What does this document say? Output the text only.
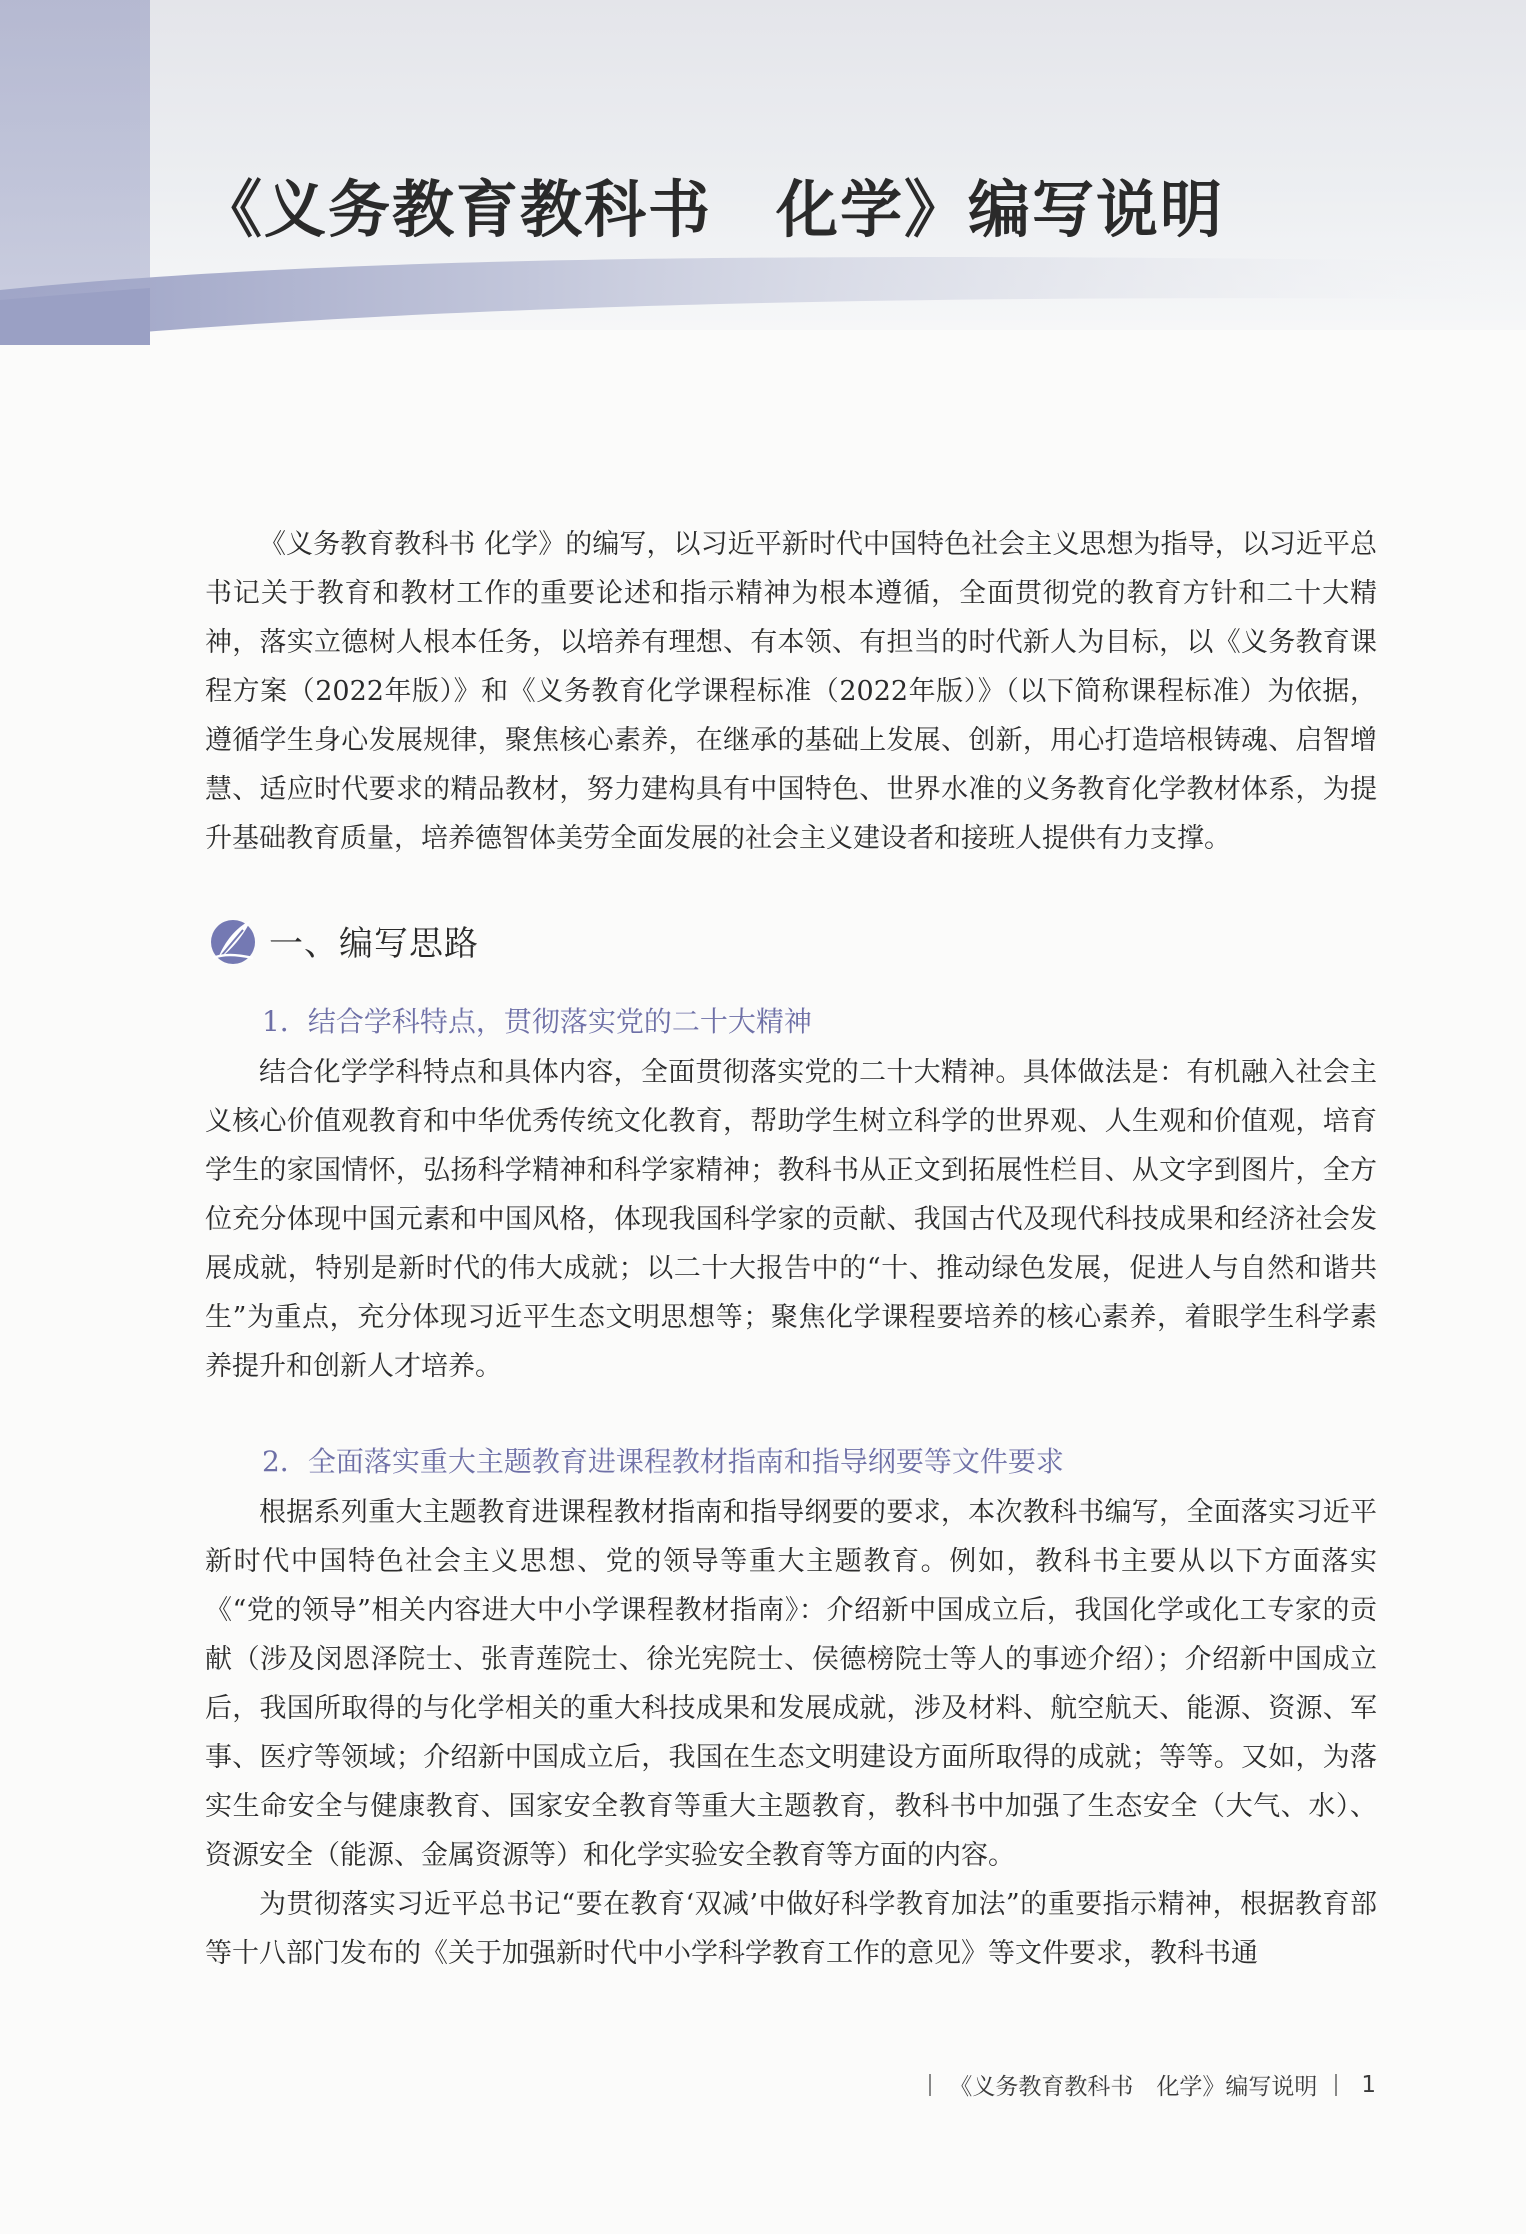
《义务教育教科书　化学》编写说明

《义务教育教科书 化学》的编写，以习近平新时代中国特色社会主义思想为指导，以习近平总书记关于教育和教材工作的重要论述和指示精神为根本遵循，全面贯彻党的教育方针和二十大精神，落实立德树人根本任务，以培养有理想、有本领、有担当的时代新人为目标，以《义务教育课程方案（2022年版）》和《义务教育化学课程标准（2022年版）》（以下简称课程标准）为依据，遵循学生身心发展规律，聚焦核心素养，在继承的基础上发展、创新，用心打造培根铸魂、启智增慧、适应时代要求的精品教材，努力建构具有中国特色、世界水准的义务教育化学教材体系，为提升基础教育质量，培养德智体美劳全面发展的社会主义建设者和接班人提供有力支撑。

一、编写思路

1．结合学科特点，贯彻落实党的二十大精神

结合化学学科特点和具体内容，全面贯彻落实党的二十大精神。具体做法是：有机融入社会主义核心价值观教育和中华优秀传统文化教育，帮助学生树立科学的世界观、人生观和价值观，培育学生的家国情怀，弘扬科学精神和科学家精神；教科书从正文到拓展性栏目、从文字到图片，全方位充分体现中国元素和中国风格，体现我国科学家的贡献、我国古代及现代科技成果和经济社会发展成就，特别是新时代的伟大成就；以二十大报告中的“十、推动绿色发展，促进人与自然和谐共生”为重点，充分体现习近平生态文明思想等；聚焦化学课程要培养的核心素养，着眼学生科学素养提升和创新人才培养。

2．全面落实重大主题教育进课程教材指南和指导纲要等文件要求

根据系列重大主题教育进课程教材指南和指导纲要的要求，本次教科书编写，全面落实习近平新时代中国特色社会主义思想、党的领导等重大主题教育。例如，教科书主要从以下方面落实《“党的领导”相关内容进大中小学课程教材指南》：介绍新中国成立后，我国化学或化工专家的贡献（涉及闵恩泽院士、张青莲院士、徐光宪院士、侯德榜院士等人的事迹介绍）；介绍新中国成立后，我国所取得的与化学相关的重大科技成果和发展成就，涉及材料、航空航天、能源、资源、军事、医疗等领域；介绍新中国成立后，我国在生态文明建设方面所取得的成就；等等。又如，为落实生命安全与健康教育、国家安全教育等重大主题教育，教科书中加强了生态安全（大气、水）、资源安全（能源、金属资源等）和化学实验安全教育等方面的内容。

为贯彻落实习近平总书记“要在教育‘双减’中做好科学教育加法”的重要指示精神，根据教育部等十八部门发布的《关于加强新时代中小学科学教育工作的意见》等文件要求，教科书通

《义务教育教科书　化学》编写说明 1
